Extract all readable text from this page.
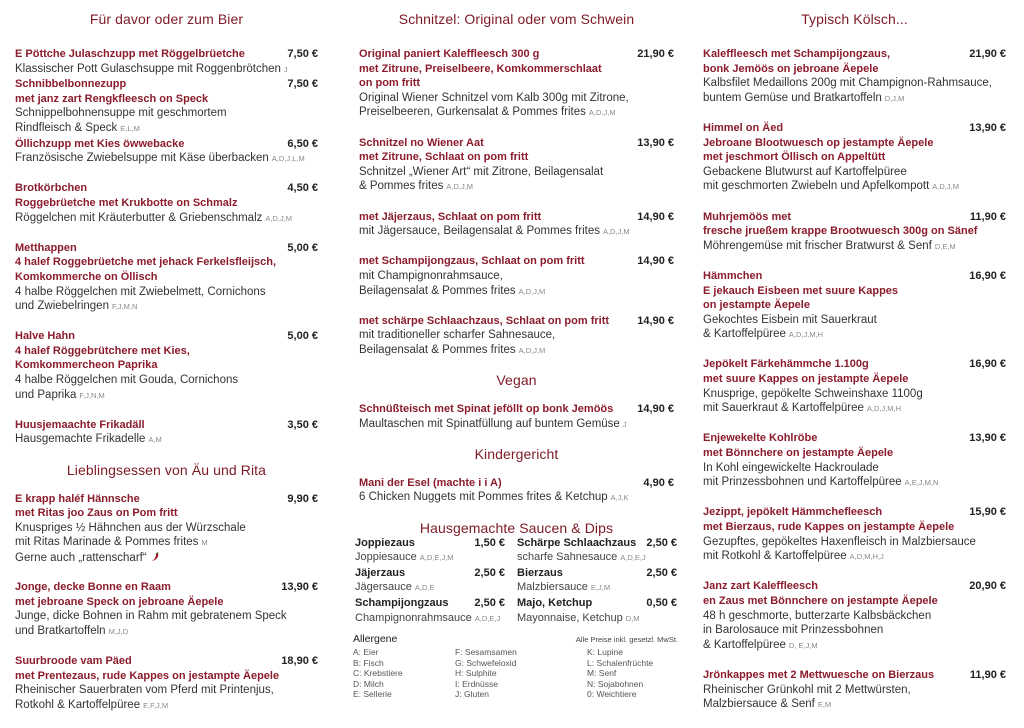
Für davor oder zum Bier
E Pöttche Julaschzupp met Röggelbrüetche	7,50 €
Klassischer Pott Gulaschsuppe mit Roggenbrötchen J
Schnibbelbonnezupp
met janz zart Rengkfleesch on Speck
7,50 €
Schnippelbohnensuppe mit geschmortem
Rindfleisch & Speck E,L,M
Öllichzupp met Kies öwwebacke	6,50 €
Französische Zwiebelsuppe mit Käse überbacken A,D,J,L,M
Brotkörbchen
Roggebrüetche met Krukbotte on Schmalz
4,50 €
Röggelchen mit Kräuterbutter & Griebenschmalz A,D,J,M
Metthappen
4 halef Roggebrüetche met jehack Ferkelsfleijsch,
Komkommerche on Öllisch
5,00 €
4 halbe Röggelchen mit Zwiebelmett, Cornichons
und Zwiebelringen F,J,M,N
Halve Hahn
4 halef Röggebrütchere met Kies,
Komkommercheon Paprika
5,00 €
4 halbe Röggelchen mit Gouda, Cornichons
und Paprika F,J,N,M
Huusjemaachte Frikadäll	3,50 €
Hausgemachte Frikadelle A,M
Lieblingsessen von Äu und Rita
E krapp haléf Hännsche
met Ritas joo Zaus on Pom fritt
9,90 €
Knuspriges ½ Hähnchen aus der Würzschale
mit Ritas Marinade & Pommes frites M
Gerne auch „rattenscharf“
Jonge, decke Bonne en Raam
met jebroane Speck on jebroane Äepele
13,90 €
Junge, dicke Bohnen in Rahm mit gebratenem Speck
und Bratkartoffeln M,J,D
Suurbroode vam Päed
met Prentezaus, rude Kappes on jestampte Äepele
18,90 €
Rheinischer Sauerbraten vom Pferd mit Printenjus,
Rotkohl & Kartoffelpüree E,F,J,M
Schnitzel: Original oder vom Schwein
Original paniert Kaleffleesch 300 g
met Zitrune, Preiselbeere, Komkommerschlaat
on pom fritt
21,90 €
Original Wiener Schnitzel vom Kalb 300g mit Zitrone,
Preiselbeeren, Gurkensalat & Pommes frites A,D,J,M
Schnitzel no Wiener Aat
met Zitrune, Schlaat on pom fritt
13,90 €
Schnitzel „Wiener Art“ mit Zitrone, Beilagensalat
& Pommes frites A,D,J,M
met Jäjerzaus, Schlaat on pom fritt	14,90 €
mit Jägersauce, Beilagensalat & Pommes frites A,D,J,M
met Schampijongzaus, Schlaat on pom fritt	14,90 €
mit Champignonrahmsauce,
Beilagensalat & Pommes frites A,D,J,M
met schärpe Schlaachzaus, Schlaat on pom fritt	14,90 €
mit traditioneller scharfer Sahnesauce,
Beilagensalat & Pommes frites A,D,J,M
Vegan
Schnüßteisch met Spinat jeföllt op bonk Jemöös	14,90 €
Maultaschen mit Spinatfüllung auf buntem Gemüse J
Kindergericht
Mani der Esel (machte i i A)	4,90 €
6 Chicken Nuggets mit Pommes frites & Ketchup A,J,K
Hausgemachte Saucen & Dips
Joppiezaus	1,50 €
Joppiesauce A,D,E,J,M
Schärpe Schlaachzaus 2,50 €
scharfe Sahnesauce A,D,E,J
Jäjerzaus	2,50 €
Jägersauce A,D,E
Bierzaus	2,50 €
Malzbiersauce E,J,M
Schampijongzaus	2,50 €
Champignonrahmsauce A,D,E,J
Majo, Ketchup	0,50 €
Mayonnaise, Ketchup D,M
Typisch Kölsch...
Kaleffleesch met Schampijongzaus,
bonk Jemöös on jebroane Äepele
21,90 €
Kalbsfilet Medaillons 200g mit Champignon-Rahmsauce,
buntem Gemüse und Bratkartoffeln D,J,M
Himmel on Äed
Jebroane Blootwuesch op jestampte Äepele
met jeschmort Öllisch on Appeltütt
13,90 €
Gebackene Blutwurst auf Kartoffelpüree
mit geschmorten Zwiebeln und Apfelkompott A,D,J,M
Muhrjemöös met
fresche jrueßem krappe Brootwuesch 300g on Sänef
11,90 €
Möhrengemüse mit frischer Bratwurst & Senf D,E,M
Hämmchen
E jekauch Eisbeen met suure Kappes
on jestampte Äepele
16,90 €
Gekochtes Eisbein mit Sauerkraut
& Kartoffelpüree A,D,J,M,H
Jepökelt Färkehämmche 1.100g
met suure Kappes on jestampte Äepele
16,90 €
Knusprige, gepökelte Schweinshaxe 1100g
mit Sauerkraut & Kartoffelpüree A,D,J,M,H
Enjewekelte Kohlröbe
met Bönnchere on jestampte Äepele
13,90 €
In Kohl eingewickelte Hackroulade
mit Prinzessbohnen und Kartoffelpüree A,E,J,M,N
Jezippt, jepökelt Hämmchefleesch
met Bierzaus, rude Kappes on jestampte Äepele
15,90 €
Gezupftes, gepökeltes Haxenfleisch in Malzbiersauce
mit Rotkohl & Kartoffelpüree A,D,M,H,J
Janz zart Kaleffleesch
en Zaus met Bönnchere on jestampte Äepele
20,90 €
48 h geschmorte, butterzarte Kalbsbäckchen
in Barolosauce mit Prinzessbohnen
& Kartoffelpüree D, E,J,M
Jrönkappes met 2 Mettwuesche on Bierzaus	11,90 €
Rheinischer Grünkohl mit 2 Mettwürsten,
Malzbiersauce & Senf E,M
Allergene	Alle Preise inkl. gesetzl. MwSt.
A: Eier	F: Sesamsamen	K: Lupine
B: Fisch	G: Schwefeloxid	L: Schalenfrüchte
C: Krebstiere	H: Sulphite	M: Senf
D: Milch	I: Erdnüsse	N: Sojabohnen
E: Sellerie	J: Gluten	0: Weichtiere
